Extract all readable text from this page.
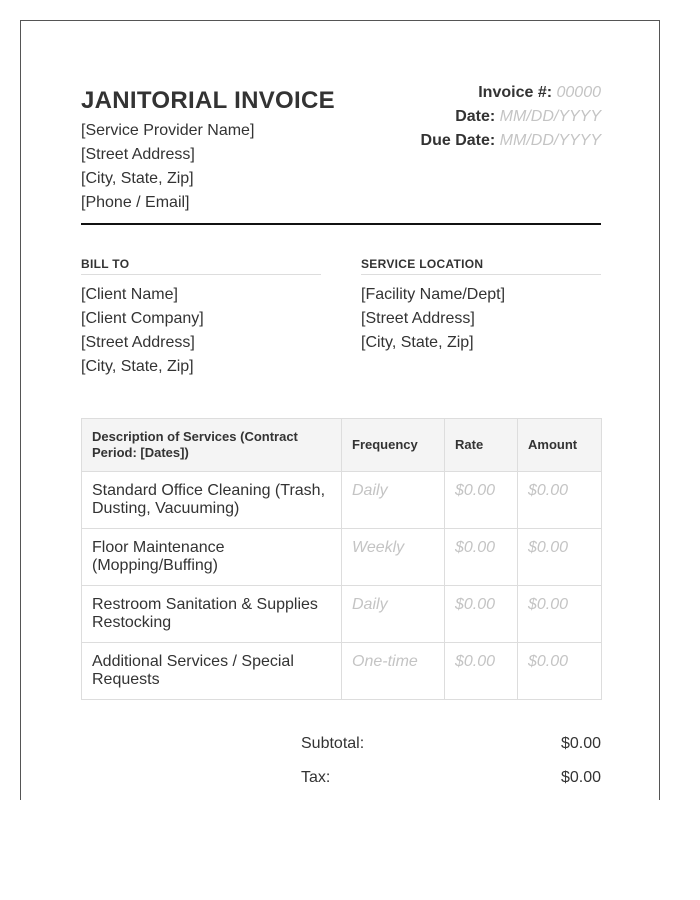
JANITORIAL INVOICE
[Service Provider Name]
[Street Address]
[City, State, Zip]
[Phone / Email]
Invoice #: 00000
Date: MM/DD/YYYY
Due Date: MM/DD/YYYY
BILL TO
[Client Name]
[Client Company]
[Street Address]
[City, State, Zip]
SERVICE LOCATION
[Facility Name/Dept]
[Street Address]
[City, State, Zip]
Description of Services (Contract Period: [Dates])	Frequency	Rate	Amount
Standard Office Cleaning (Trash, Dusting, Vacuuming)	Daily	$0.00	$0.00
Floor Maintenance (Mopping/Buffing)	Weekly	$0.00	$0.00
Restroom Sanitation & Supplies Restocking	Daily	$0.00	$0.00
Additional Services / Special Requests	One-time	$0.00	$0.00
Subtotal:	$0.00
Tax:	$0.00
